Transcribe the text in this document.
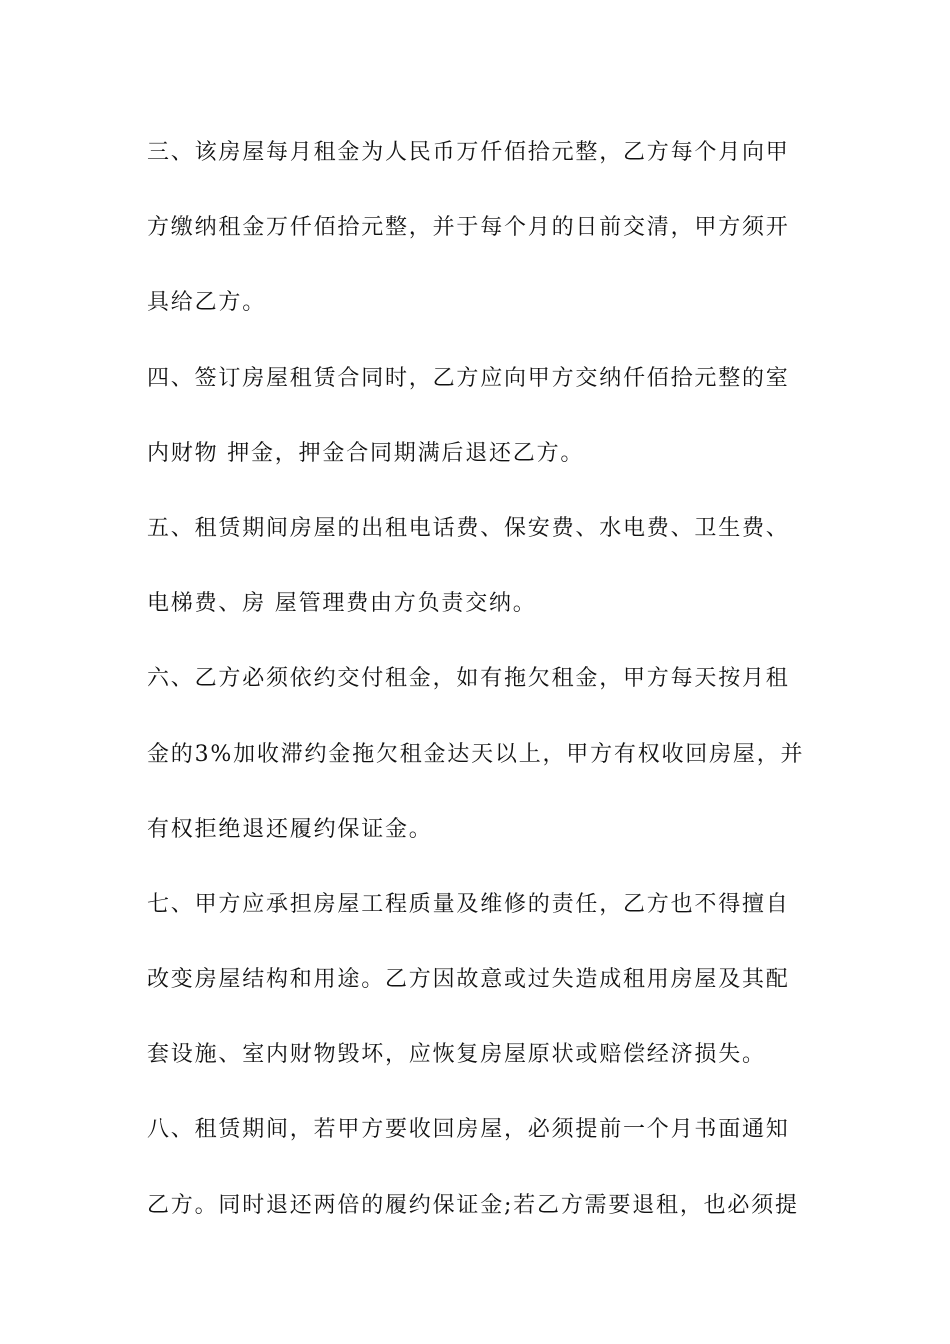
三、该房屋每月租金为人民币万仟佰拾元整，乙方每个月向甲
方缴纳租金万仟佰拾元整，并于每个月的日前交清，甲方须开
具给乙方。
四、签订房屋租赁合同时，乙方应向甲方交纳仟佰拾元整的室
内财物 押金，押金合同期满后退还乙方。
五、租赁期间房屋的出租电话费、保安费、水电费、卫生费、
电梯费、房 屋管理费由方负责交纳。
六、乙方必须依约交付租金，如有拖欠租金，甲方每天按月租
金的3%加收滞约金拖欠租金达天以上，甲方有权收回房屋，并
有权拒绝退还履约保证金。
七、甲方应承担房屋工程质量及维修的责任，乙方也不得擅自
改变房屋结构和用途。乙方因故意或过失造成租用房屋及其配
套设施、室内财物毁坏，应恢复房屋原状或赔偿经济损失。
八、租赁期间，若甲方要收回房屋，必须提前一个月书面通知
乙方。同时退还两倍的履约保证金;若乙方需要退租，也必须提
